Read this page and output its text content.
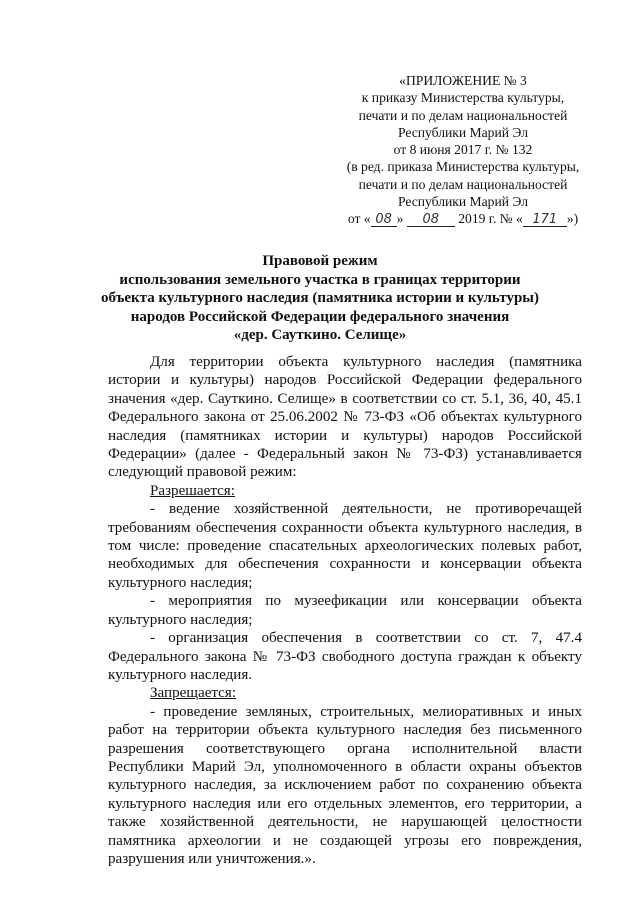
«ПРИЛОЖЕНИЕ № 3
к приказу Министерства культуры,
печати и по делам национальностей
Республики Марий Эл
от 8 июня 2017 г. № 132
(в ред. приказа Министерства культуры,
печати и по делам национальностей
Республики Марий Эл
от « 08 » 08 2019 г. № « 171 »)
Правовой режим
использования земельного участка в границах территории
объекта культурного наследия (памятника истории и культуры)
народов Российской Федерации федерального значения
«дер. Сауткино. Селище»

Для территории объекта культурного наследия (памятника истории и культуры) народов Российской Федерации федерального значения «дер. Сауткино. Селище» в соответствии со ст. 5.1, 36, 40, 45.1 Федерального закона от 25.06.2002 № 73-ФЗ «Об объектах культурного наследия (памятниках истории и культуры) народов Российской Федерации» (далее - Федеральный закон № 73-ФЗ) устанавливается следующий правовой режим:

Разрешается:

- ведение хозяйственной деятельности, не противоречащей требованиям обеспечения сохранности объекта культурного наследия, в том числе: проведение спасательных археологических полевых работ, необходимых для обеспечения сохранности и консервации объекта культурного наследия;

- мероприятия по музеефикации или консервации объекта культурного наследия;

- организация обеспечения в соответствии со ст. 7, 47.4 Федерального закона № 73-ФЗ свободного доступа граждан к объекту культурного наследия.

Запрещается:

- проведение земляных, строительных, мелиоративных и иных работ на территории объекта культурного наследия без письменного разрешения соответствующего органа исполнительной власти Республики Марий Эл, уполномоченного в области охраны объектов культурного наследия, за исключением работ по сохранению объекта культурного наследия или его отдельных элементов, его территории, а также хозяйственной деятельности, не нарушающей целостности памятника археологии и не создающей угрозы его повреждения, разрушения или уничтожения.».
